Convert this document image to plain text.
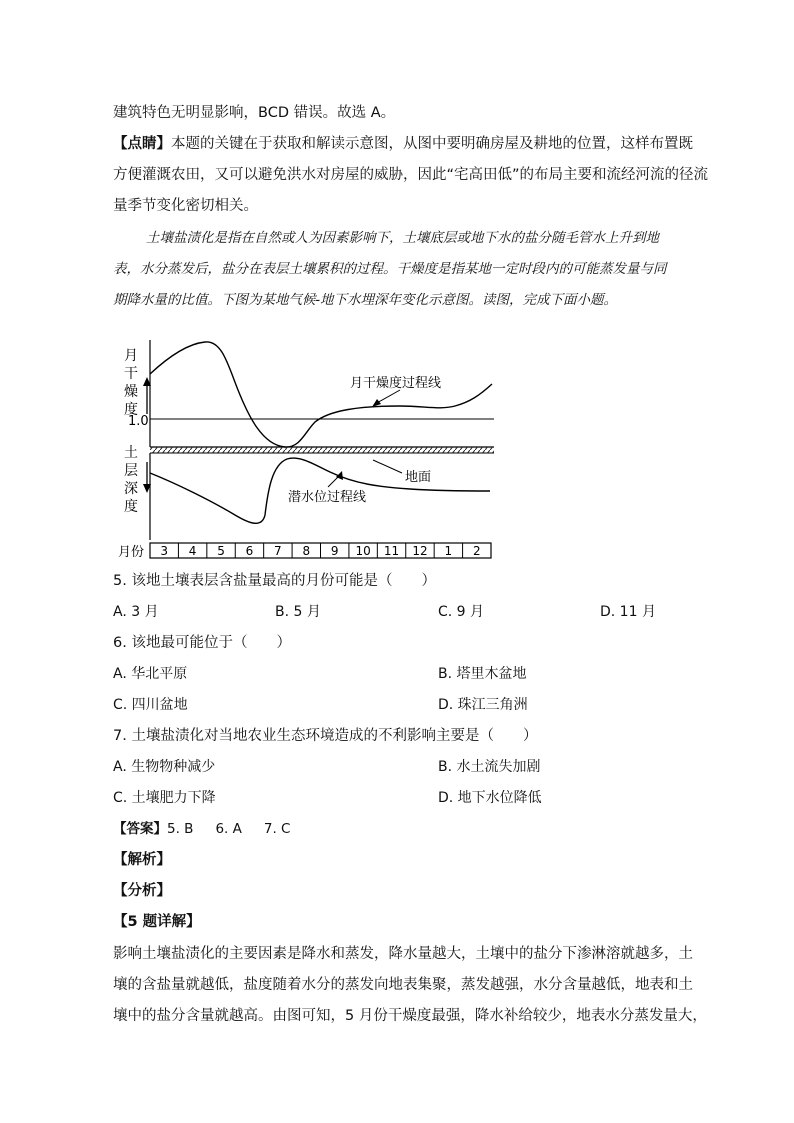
建筑特色无明显影响，BCD 错误。故选 A。
【点睛】本题的关键在于获取和解读示意图，从图中要明确房屋及耕地的位置，这样布置既
方便灌溉农田，又可以避免洪水对房屋的威胁，因此“宅高田低”的布局主要和流经河流的径流
量季节变化密切相关。
土壤盐渍化是指在自然或人为因素影响下，土壤底层或地下水的盐分随毛管水上升到地
表，水分蒸发后，盐分在表层土壤累积的过程。干燥度是指某地一定时段内的可能蒸发量与同
期降水量的比值。下图为某地气候-地下水埋深年变化示意图。读图，完成下面小题。
月
干
燥
度
1.0
月干燥度过程线
土
层
深
度
地面
潜水位过程线
月份 3 4 5 6 7 8 9 10 11 12 1 2
5. 该地土壤表层含盐量最高的月份可能是（　　）
A. 3 月	B. 5 月	C. 9 月	D. 11 月
6. 该地最可能位于（　　）
A. 华北平原	B. 塔里木盆地
C. 四川盆地	D. 珠江三角洲
7. 土壤盐渍化对当地农业生态环境造成的不利影响主要是（　　）
A. 生物物种减少	B. 水土流失加剧
C. 土壤肥力下降	D. 地下水位降低
【答案】5. B 6. A 7. C
【解析】
【分析】
【5 题详解】
影响土壤盐渍化的主要因素是降水和蒸发，降水量越大，土壤中的盐分下渗淋溶就越多，土
壤的含盐量就越低，盐度随着水分的蒸发向地表集聚，蒸发越强，水分含量越低，地表和土
壤中的盐分含量就越高。由图可知，5 月份干燥度最强，降水补给较少，地表水分蒸发量大，
